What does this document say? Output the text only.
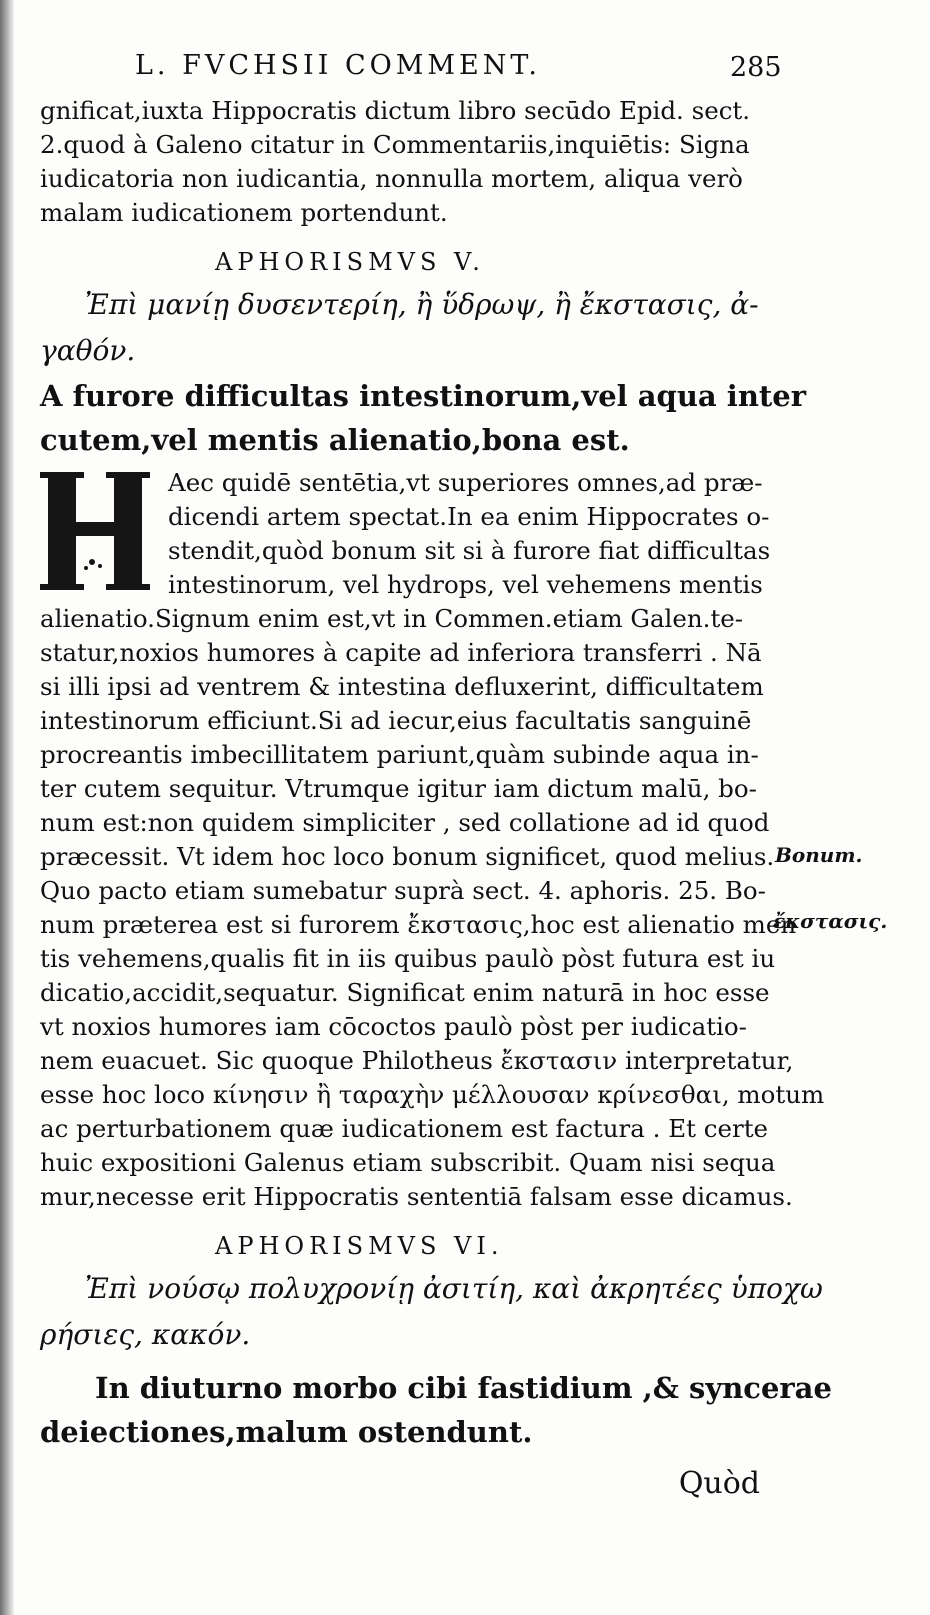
L. FVCHSII COMMENT.	285
gnificat,iuxta Hippocratis dictum libro secūdo Epid. sect.
2.quod à Galeno citatur in Commentariis,inquiētis: Signa
iudicatoria non iudicantia, nonnulla mortem, aliqua verò
malam iudicationem portendunt.
APHORISMVS V.
Ἐπὶ μανίῃ δυσεντερίη, ἢ ὕδρωψ, ἢ ἔκστασις, ἀ-
γαθόν.
A furore difficultas intestinorum,vel aqua inter
cutem,vel mentis alienatio,bona est.
Aec quidē sentētia,vt superiores omnes,ad præ-
dicendi artem spectat.In ea enim Hippocrates o-
stendit,quòd bonum sit si à furore fiat difficultas
intestinorum, vel hydrops, vel vehemens mentis
alienatio.Signum enim est,vt in Commen.etiam Galen.te-
statur,noxios humores à capite ad inferiora transferri . Nā
si illi ipsi ad ventrem & intestina defluxerint, difficultatem
intestinorum efficiunt.Si ad iecur,eius facultatis sanguinē
procreantis imbecillitatem pariunt,quàm subinde aqua in-
ter cutem sequitur. Vtrumque igitur iam dictum malū, bo-
num est:non quidem simpliciter , sed collatione ad id quod
præcessit. Vt idem hoc loco bonum significet, quod melius.
Quo pacto etiam sumebatur suprà sect. 4. aphoris. 25. Bo-
num præterea est si furorem ἔκστασις,hoc est alienatio men
tis vehemens,qualis fit in iis quibus paulò pòst futura est iu
dicatio,accidit,sequatur. Significat enim naturā in hoc esse
vt noxios humores iam cōcoctos paulò pòst per iudicatio-
nem euacuet. Sic quoque Philotheus ἔκστασιν interpretatur,
esse hoc loco κίνησιν ἢ ταραχὴν μέλλουσαν κρίνεσθαι, motum
ac perturbationem quæ iudicationem est factura . Et certe
huic expositioni Galenus etiam subscribit. Quam nisi sequa
mur,necesse erit Hippocratis sententiā falsam esse dicamus.
APHORISMVS VI.
Ἐπὶ νούσῳ πολυχρονίῃ ἀσιτίη, καὶ ἀκρητέες ὑποχω
ρήσιες, κακόν.
In diuturno morbo cibi fastidium ,& syncerae
deiectiones,malum ostendunt.
Quòd
Bonum.
ἔκστασις.
